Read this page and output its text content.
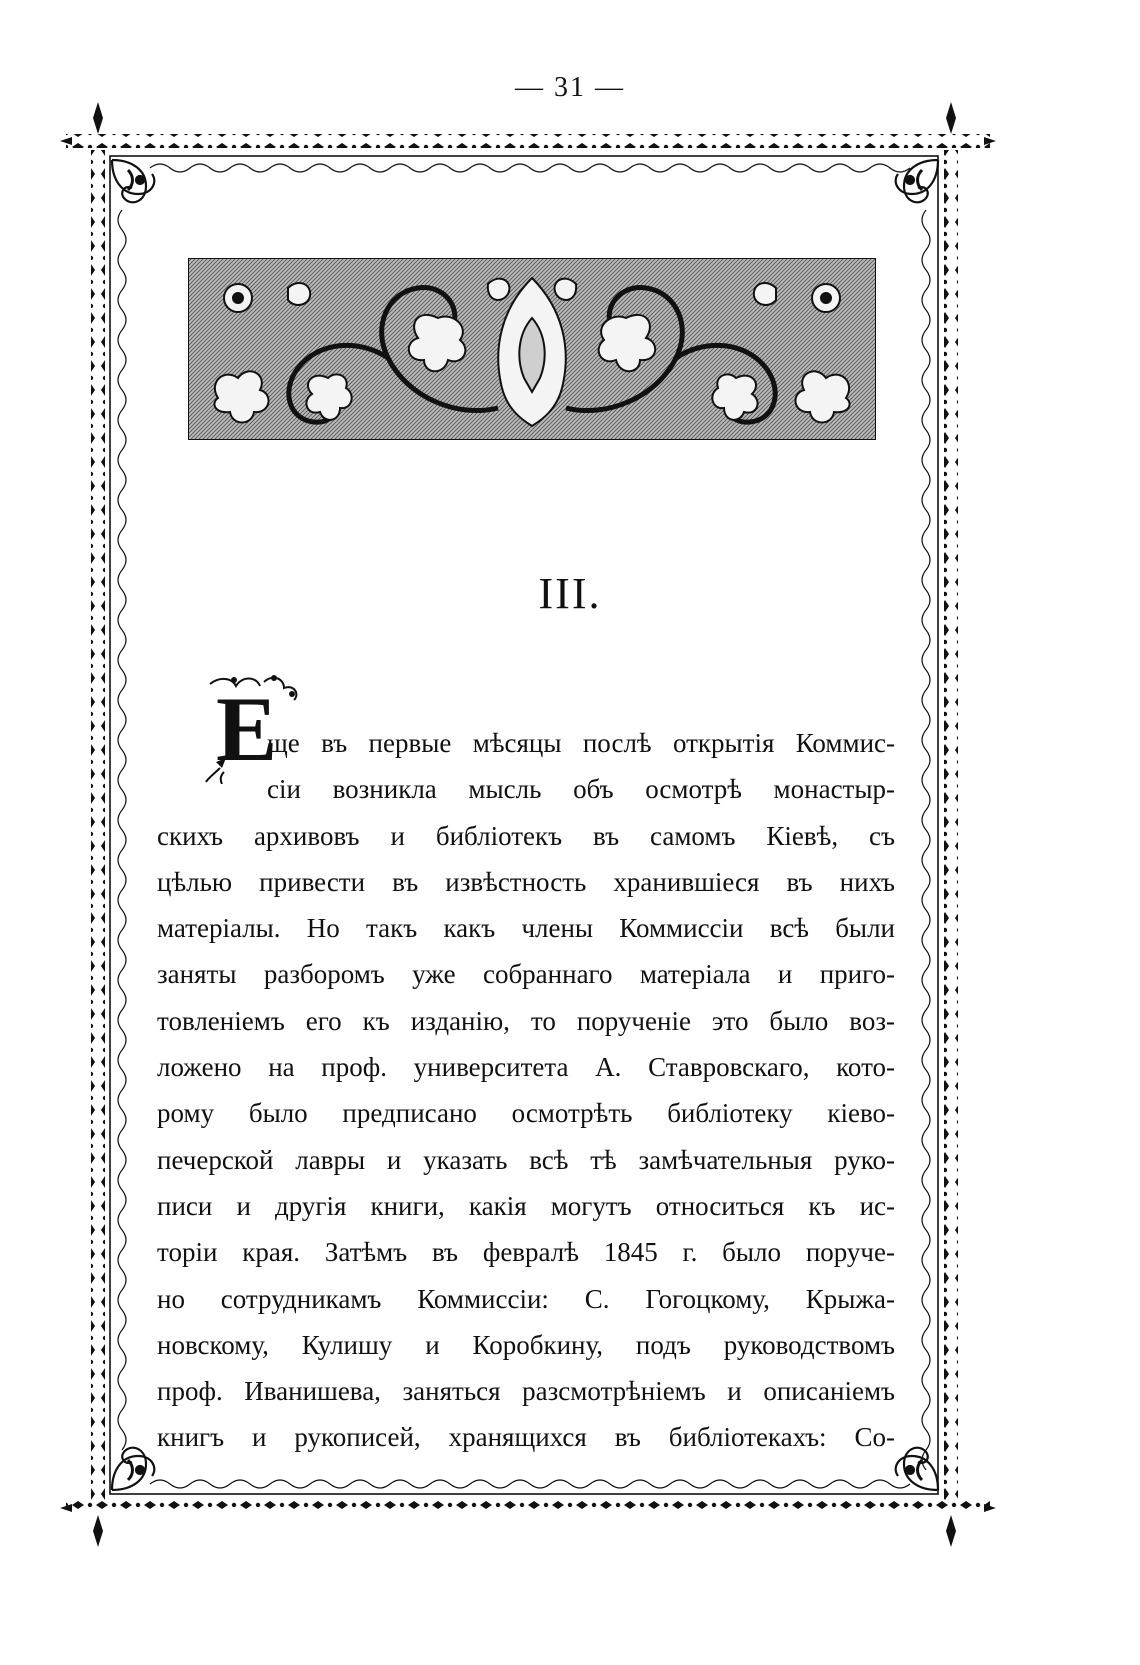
— 31 —
III.
Е
ще въ первые мѣсяцы послѣ открытія Коммис-
сіи возникла мысль объ осмотрѣ монастыр-
скихъ архивовъ и библіотекъ въ самомъ Кіевѣ, съ
цѣлью привести въ извѣстность хранившіеся въ нихъ
матеріалы. Но такъ какъ члены Коммиссіи всѣ были
заняты разборомъ уже собраннаго матеріала и приго-
товленіемъ его къ изданію, то порученіе это было воз-
ложено на проф. университета А. Ставровскаго, кото-
рому было предписано осмотрѣть библіотеку кіево-
печерской лавры и указать всѣ тѣ замѣчательныя руко-
писи и другія книги, какія могутъ относиться къ ис-
торіи края. Затѣмъ въ февралѣ 1845 г. было поруче-
но сотрудникамъ Коммиссіи: С. Гогоцкому, Крыжа-
новскому, Кулишу и Коробкину, подъ руководствомъ
проф. Иванишева, заняться разсмотрѣніемъ и описаніемъ
книгъ и рукописей, хранящихся въ библіотекахъ: Со-
